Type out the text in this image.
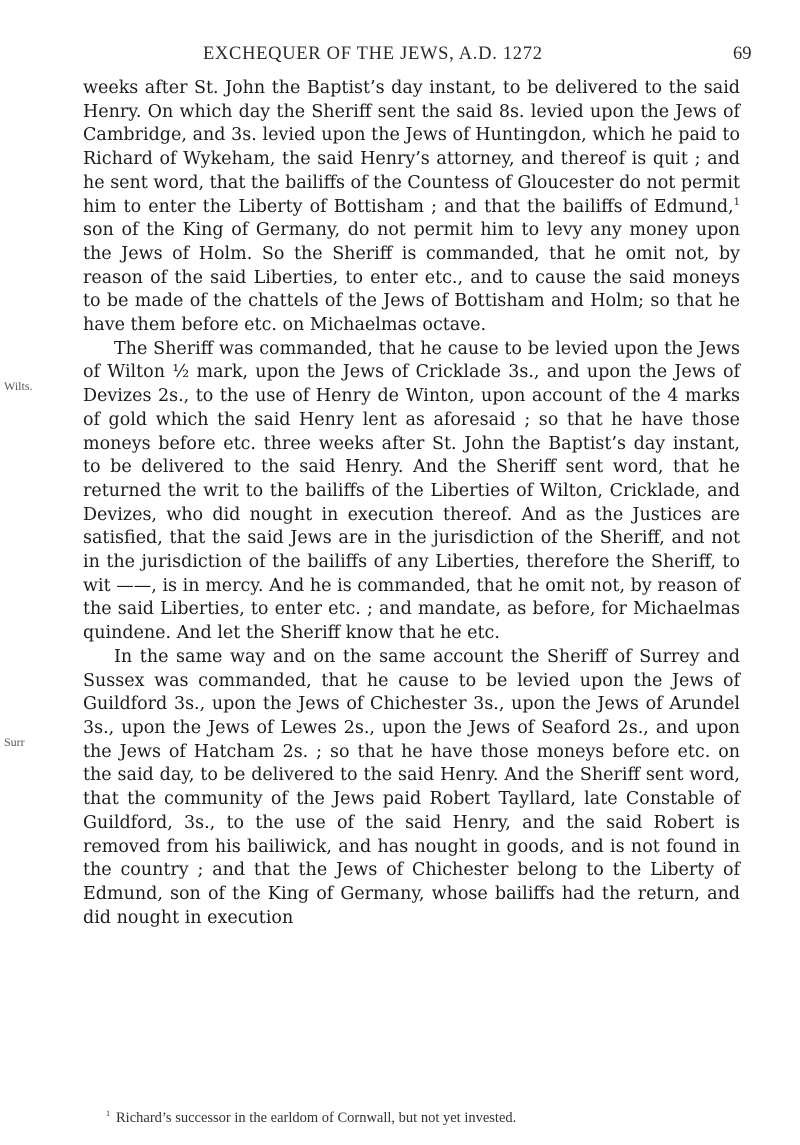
EXCHEQUER OF THE JEWS, A.D. 1272	69
Wilts.
Surr

weeks after St. John the Baptist’s day instant, to be delivered to the said Henry. On which day the Sheriff sent the said 8s. levied upon the Jews of Cambridge, and 3s. levied upon the Jews of Huntingdon, which he paid to Richard of Wykeham, the said Henry’s attorney, and thereof is quit ; and he sent word, that the bailiffs of the Countess of Gloucester do not permit him to enter the Liberty of Bottisham ; and that the bailiffs of Edmund,$^1$ son of the King of Germany, do not permit him to levy any money upon the Jews of Holm. So the Sheriff is commanded, that he omit not, by reason of the said Liberties, to enter etc., and to cause the said moneys to be made of the chattels of the Jews of Bottisham and Holm; so that he have them before etc. on Michaelmas octave.

The Sheriff was commanded, that he cause to be levied upon the Jews of Wilton ½ mark, upon the Jews of Cricklade 3s., and upon the Jews of Devizes 2s., to the use of Henry de Winton, upon account of the 4 marks of gold which the said Henry lent as aforesaid ; so that he have those moneys before etc. three weeks after St. John the Baptist’s day instant, to be delivered to the said Henry. And the Sheriff sent word, that he returned the writ to the bailiffs of the Liberties of Wilton, Cricklade, and Devizes, who did nought in execution thereof. And as the Justices are satisfied, that the said Jews are in the jurisdiction of the Sheriff, and not in the jurisdiction of the bailiffs of any Liberties, therefore the Sheriff, to wit ——, is in mercy. And he is commanded, that he omit not, by reason of the said Liberties, to enter etc. ; and mandate, as before, for Michaelmas quindene. And let the Sheriff know that he etc.

In the same way and on the same account the Sheriff of Surrey and Sussex was commanded, that he cause to be levied upon the Jews of Guildford 3s., upon the Jews of Chichester 3s., upon the Jews of Arundel 3s., upon the Jews of Lewes 2s., upon the Jews of Seaford 2s., and upon the Jews of Hatcham 2s. ; so that he have those moneys before etc. on the said day, to be delivered to the said Henry. And the Sheriff sent word, that the community of the Jews paid Robert Tayllard, late Constable of Guildford, 3s., to the use of the said Henry, and the said Robert is removed from his bailiwick, and has nought in goods, and is not found in the country ; and that the Jews of Chichester belong to the Liberty of Edmund, son of the King of Germany, whose bailiffs had the return, and did nought in execution

$^1$ Richard’s successor in the earldom of Cornwall, but not yet invested.
